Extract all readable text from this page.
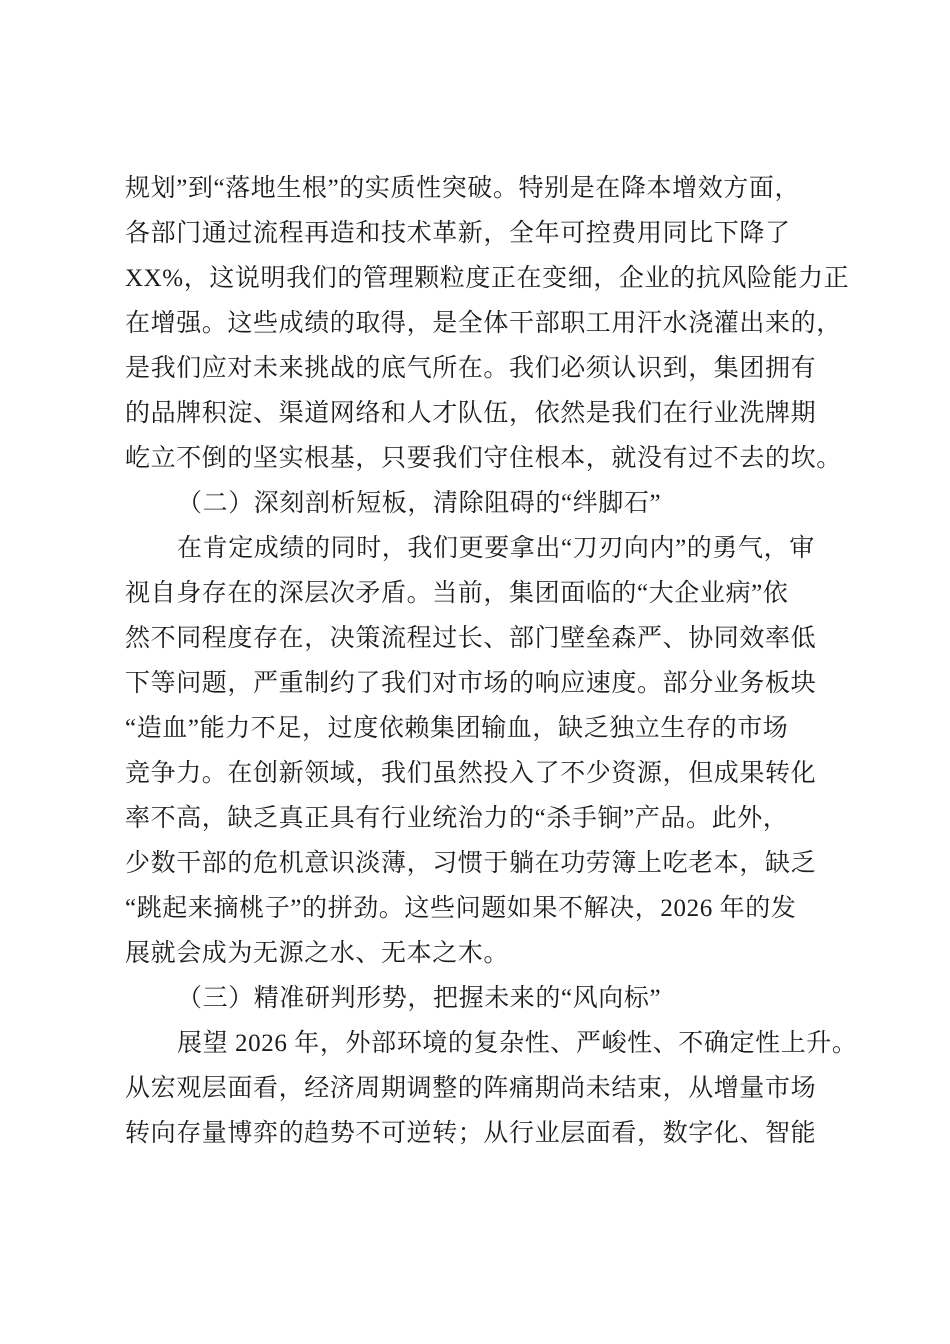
规划”到“落地生根”的实质性突破。特别是在降本增效方面，
各部门通过流程再造和技术革新，全年可控费用同比下降了
XX%，这说明我们的管理颗粒度正在变细，企业的抗风险能力正
在增强。这些成绩的取得，是全体干部职工用汗水浇灌出来的，
是我们应对未来挑战的底气所在。我们必须认识到，集团拥有
的品牌积淀、渠道网络和人才队伍，依然是我们在行业洗牌期
屹立不倒的坚实根基，只要我们守住根本，就没有过不去的坎。
（二）深刻剖析短板，清除阻碍的“绊脚石”
在肯定成绩的同时，我们更要拿出“刀刃向内”的勇气，审
视自身存在的深层次矛盾。当前，集团面临的“大企业病”依
然不同程度存在，决策流程过长、部门壁垒森严、协同效率低
下等问题，严重制约了我们对市场的响应速度。部分业务板块
“造血”能力不足，过度依赖集团输血，缺乏独立生存的市场
竞争力。在创新领域，我们虽然投入了不少资源，但成果转化
率不高，缺乏真正具有行业统治力的“杀手锏”产品。此外，
少数干部的危机意识淡薄，习惯于躺在功劳簿上吃老本，缺乏
“跳起来摘桃子”的拼劲。这些问题如果不解决，2026 年的发
展就会成为无源之水、无本之木。
（三）精准研判形势，把握未来的“风向标”
展望 2026 年，外部环境的复杂性、严峻性、不确定性上升。
从宏观层面看，经济周期调整的阵痛期尚未结束，从增量市场
转向存量博弈的趋势不可逆转；从行业层面看，数字化、智能
